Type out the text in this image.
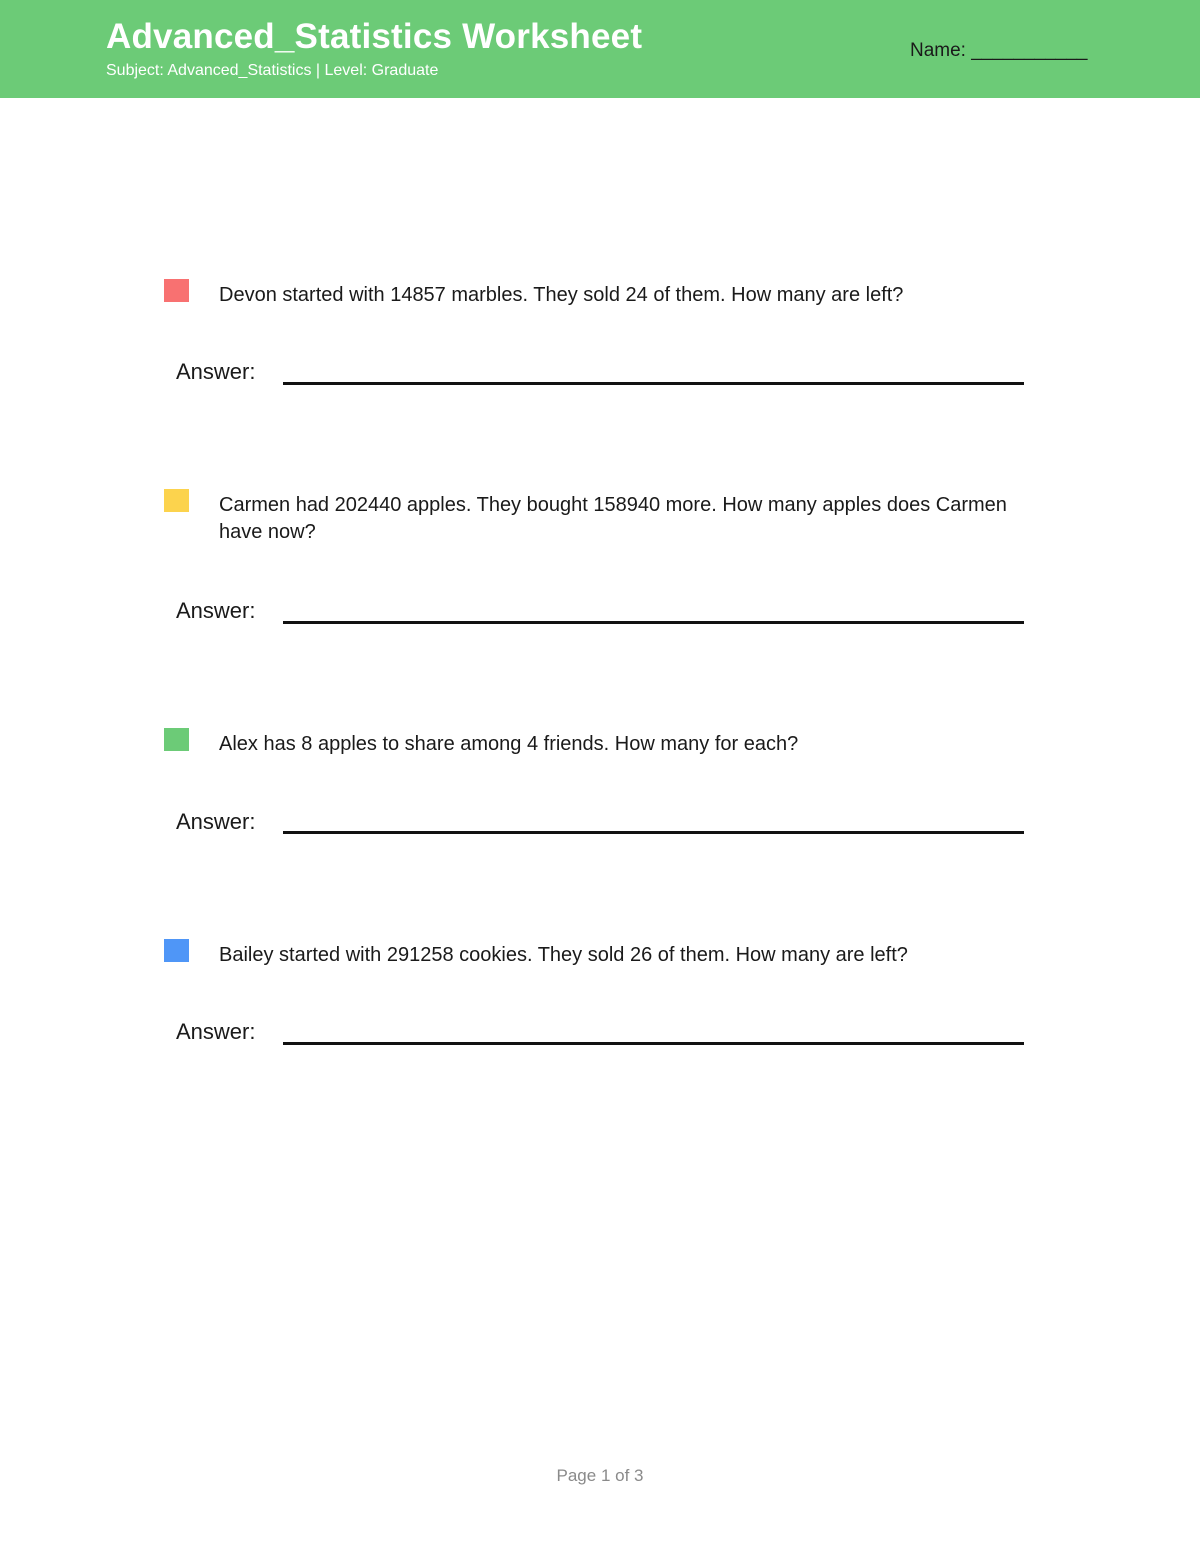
Advanced_Statistics Worksheet
Subject: Advanced_Statistics | Level: Graduate
Name: ___________
Devon started with 14857 marbles. They sold 24 of them. How many are left?
Answer:
Carmen had 202440 apples. They bought 158940 more. How many apples does Carmen have now?
Answer:
Alex has 8 apples to share among 4 friends. How many for each?
Answer:
Bailey started with 291258 cookies. They sold 26 of them. How many are left?
Answer:
Page 1 of 3
